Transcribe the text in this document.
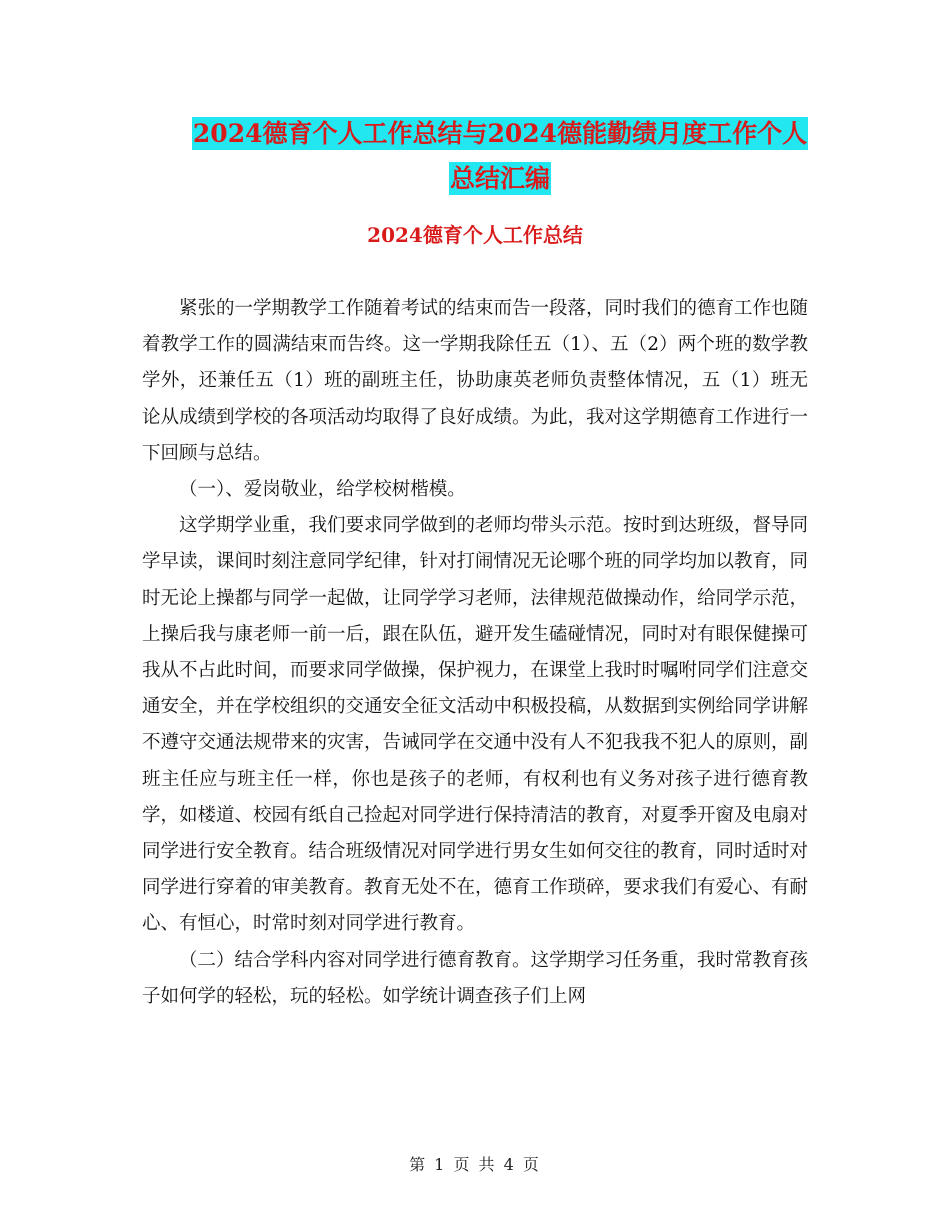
2024德育个人工作总结与2024德能勤绩月度工作个人
总结汇编
2024德育个人工作总结

紧张的一学期教学工作随着考试的结束而告一段落，同时我们的德育工作也随着教学工作的圆满结束而告终。这一学期我除任五（1）、五（2）两个班的数学教学外，还兼任五（1）班的副班主任，协助康英老师负责整体情况，五（1）班无论从成绩到学校的各项活动均取得了良好成绩。为此，我对这学期德育工作进行一下回顾与总结。

（一）、爱岗敬业，给学校树楷模。

这学期学业重，我们要求同学做到的老师均带头示范。按时到达班级，督导同学早读，课间时刻注意同学纪律，针对打闹情况无论哪个班的同学均加以教育，同时无论上操都与同学一起做，让同学学习老师，法律规范做操动作，给同学示范，上操后我与康老师一前一后，跟在队伍，避开发生磕碰情况，同时对有眼保健操可我从不占此时间，而要求同学做操，保护视力，在课堂上我时时嘱咐同学们注意交通安全，并在学校组织的交通安全征文活动中积极投稿，从数据到实例给同学讲解不遵守交通法规带来的灾害，告诫同学在交通中没有人不犯我我不犯人的原则，副班主任应与班主任一样，你也是孩子的老师，有权利也有义务对孩子进行德育教学，如楼道、校园有纸自己捡起对同学进行保持清洁的教育，对夏季开窗及电扇对同学进行安全教育。结合班级情况对同学进行男女生如何交往的教育，同时适时对同学进行穿着的审美教育。教育无处不在，德育工作琐碎，要求我们有爱心、有耐心、有恒心，时常时刻对同学进行教育。

（二）结合学科内容对同学进行德育教育。这学期学习任务重，我时常教育孩子如何学的轻松，玩的轻松。如学统计调查孩子们上网

第 1 页 共 4 页
